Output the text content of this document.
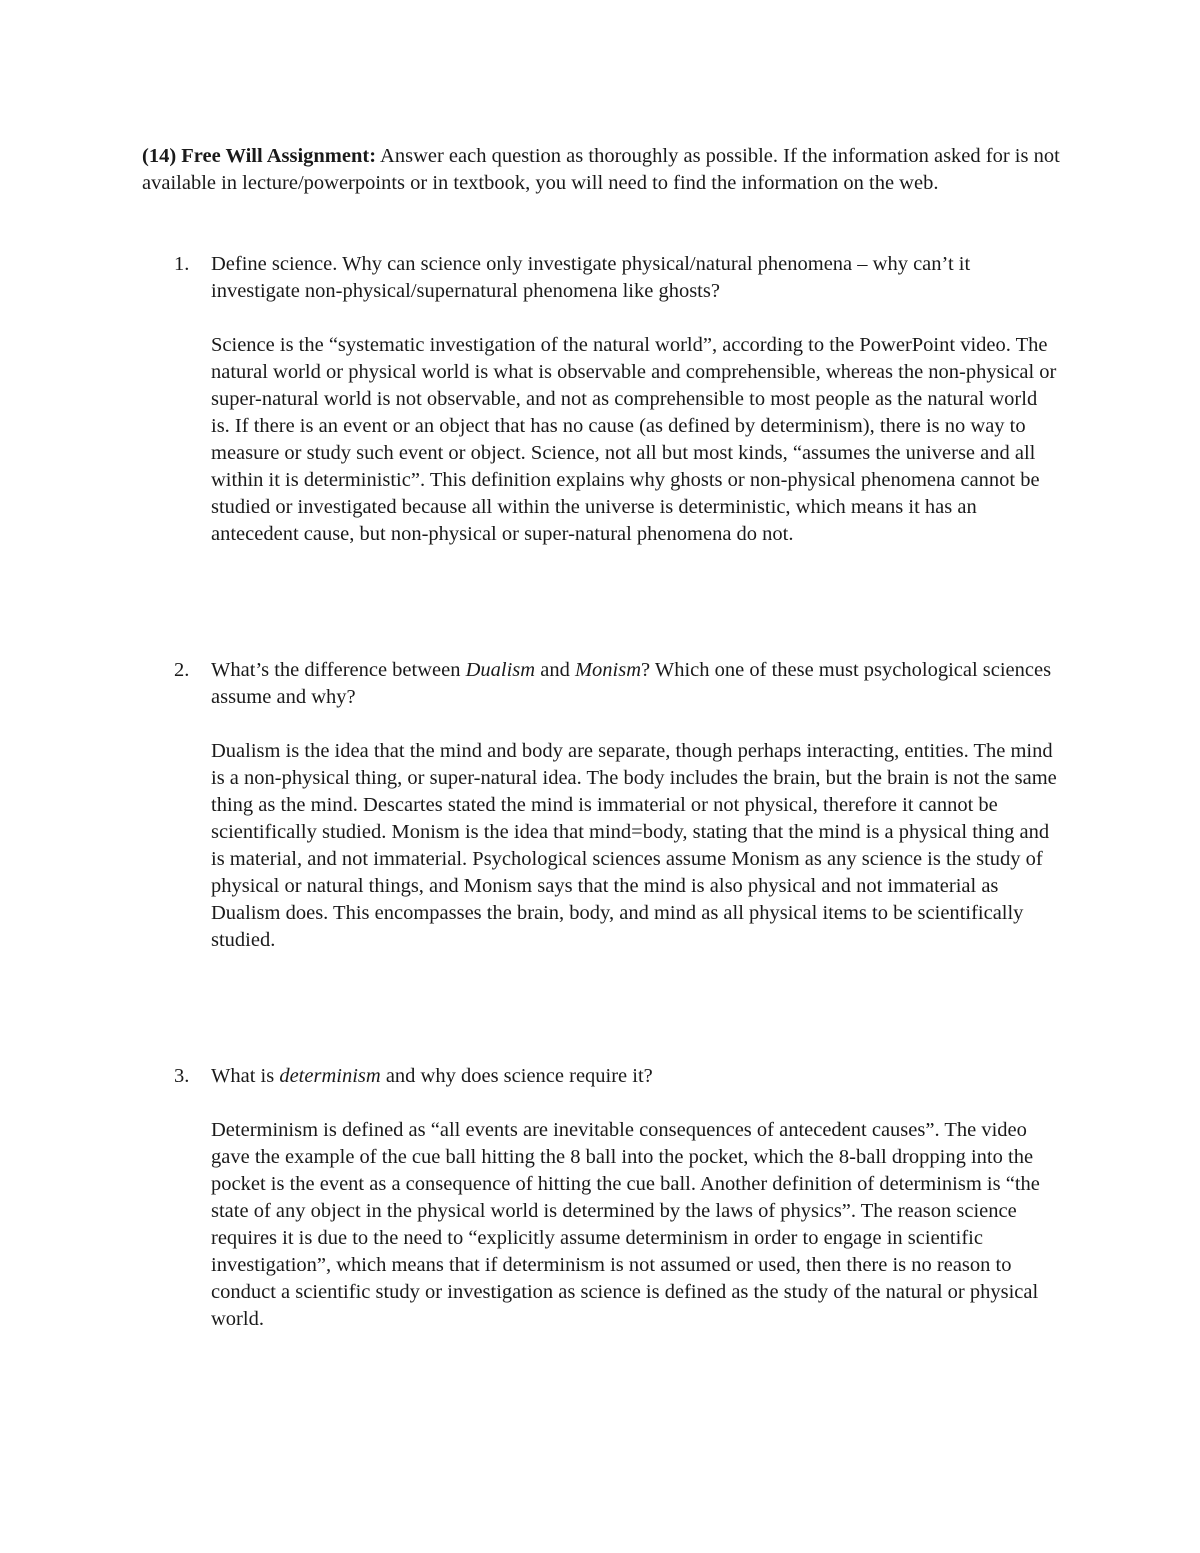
(14) Free Will Assignment: Answer each question as thoroughly as possible. If the information asked for is not available in lecture/powerpoints or in textbook, you will need to find the information on the web.

1. Define science. Why can science only investigate physical/natural phenomena – why can’t it investigate non-physical/supernatural phenomena like ghosts?

Science is the “systematic investigation of the natural world”, according to the PowerPoint video. The natural world or physical world is what is observable and comprehensible, whereas the non-physical or super-natural world is not observable, and not as comprehensible to most people as the natural world is. If there is an event or an object that has no cause (as defined by determinism), there is no way to measure or study such event or object. Science, not all but most kinds, “assumes the universe and all within it is deterministic”. This definition explains why ghosts or non-physical phenomena cannot be studied or investigated because all within the universe is deterministic, which means it has an antecedent cause, but non-physical or super-natural phenomena do not.

2. What’s the difference between Dualism and Monism? Which one of these must psychological sciences assume and why?

Dualism is the idea that the mind and body are separate, though perhaps interacting, entities. The mind is a non-physical thing, or super-natural idea. The body includes the brain, but the brain is not the same thing as the mind. Descartes stated the mind is immaterial or not physical, therefore it cannot be scientifically studied. Monism is the idea that mind=body, stating that the mind is a physical thing and is material, and not immaterial. Psychological sciences assume Monism as any science is the study of physical or natural things, and Monism says that the mind is also physical and not immaterial as Dualism does. This encompasses the brain, body, and mind as all physical items to be scientifically studied.

3. What is determinism and why does science require it?

Determinism is defined as “all events are inevitable consequences of antecedent causes”. The video gave the example of the cue ball hitting the 8 ball into the pocket, which the 8-ball dropping into the pocket is the event as a consequence of hitting the cue ball. Another definition of determinism is “the state of any object in the physical world is determined by the laws of physics”. The reason science requires it is due to the need to “explicitly assume determinism in order to engage in scientific investigation”, which means that if determinism is not assumed or used, then there is no reason to conduct a scientific study or investigation as science is defined as the study of the natural or physical world.
